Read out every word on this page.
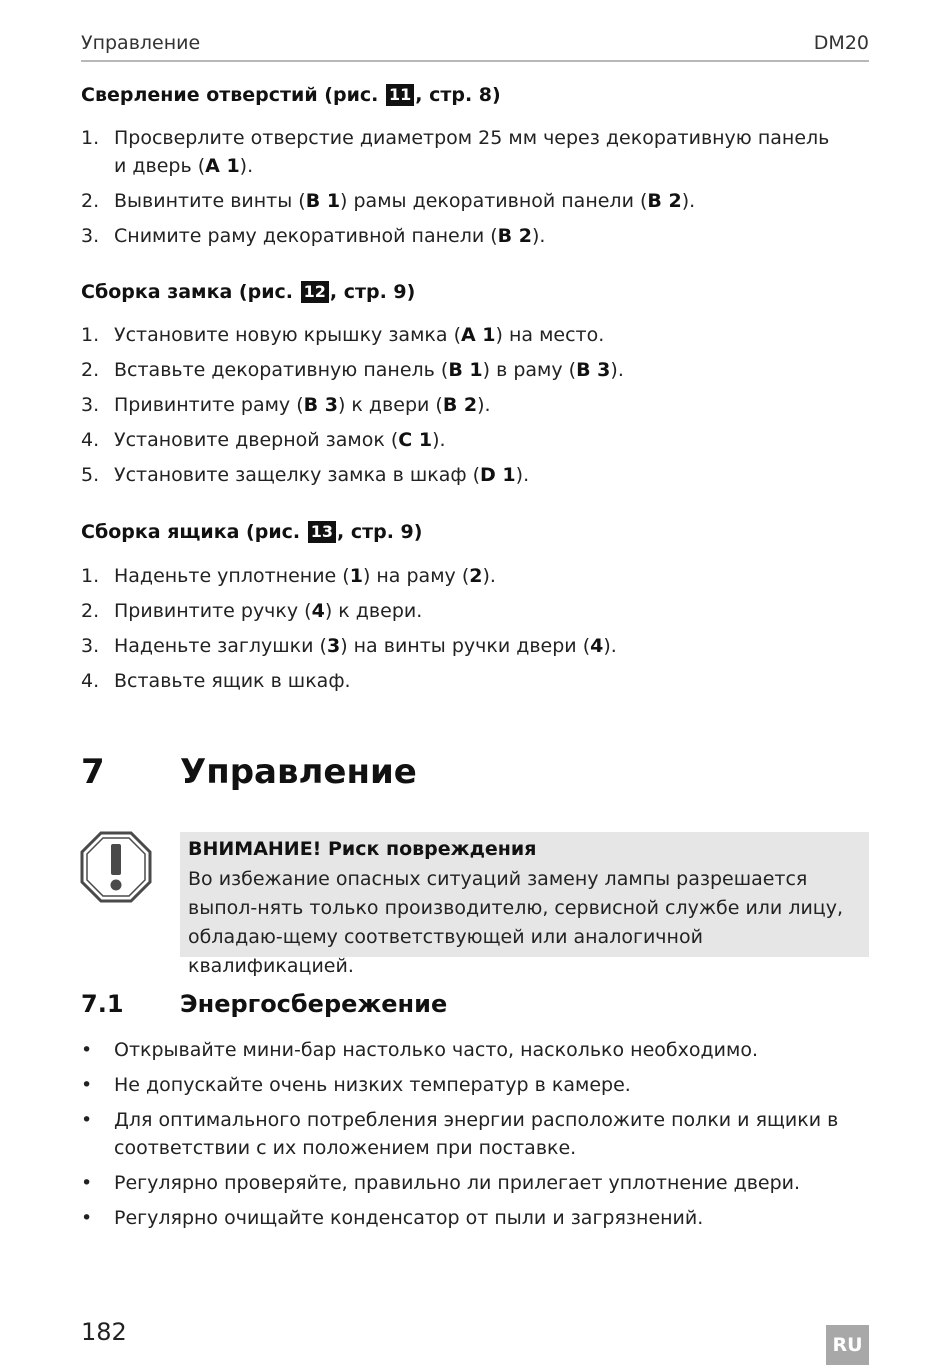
Управление	DM20
Сверление отверстий (рис. 11 , стр. 8)
1. Просверлите отверстие диаметром 25 мм через декоративную панель и дверь (A 1).
2. Вывинтите винты (B 1) рамы декоративной панели (B 2).
3. Снимите раму декоративной панели (B 2).
Сборка замка (рис. 12 , стр. 9)
1. Установите новую крышку замка (A 1) на место.
2. Вставьте декоративную панель (B 1) в раму (B 3).
3. Привинтите раму (B 3) к двери (B 2).
4. Установите дверной замок (C 1).
5. Установите защелку замка в шкаф (D 1).
Сборка ящика (рис. 13 , стр. 9)
1. Наденьте уплотнение (1) на раму (2).
2. Привинтите ручку (4) к двери.
3. Наденьте заглушки (3) на винты ручки двери (4).
4. Вставьте ящик в шкаф.
7 Управление
ВНИМАНИЕ! Риск повреждения
Во избежание опасных ситуаций замену лампы разрешается выпол-нять только производителю, сервисной службе или лицу, обладаю-щему соответствующей или аналогичной квалификацией.
7.1 Энергосбережение
• Открывайте мини-бар настолько часто, насколько необходимо.
• Не допускайте очень низких температур в камере.
• Для оптимального потребления энергии расположите полки и ящики в соответствии с их положением при поставке.
• Регулярно проверяйте, правильно ли прилегает уплотнение двери.
• Регулярно очищайте конденсатор от пыли и загрязнений.
182	RU
